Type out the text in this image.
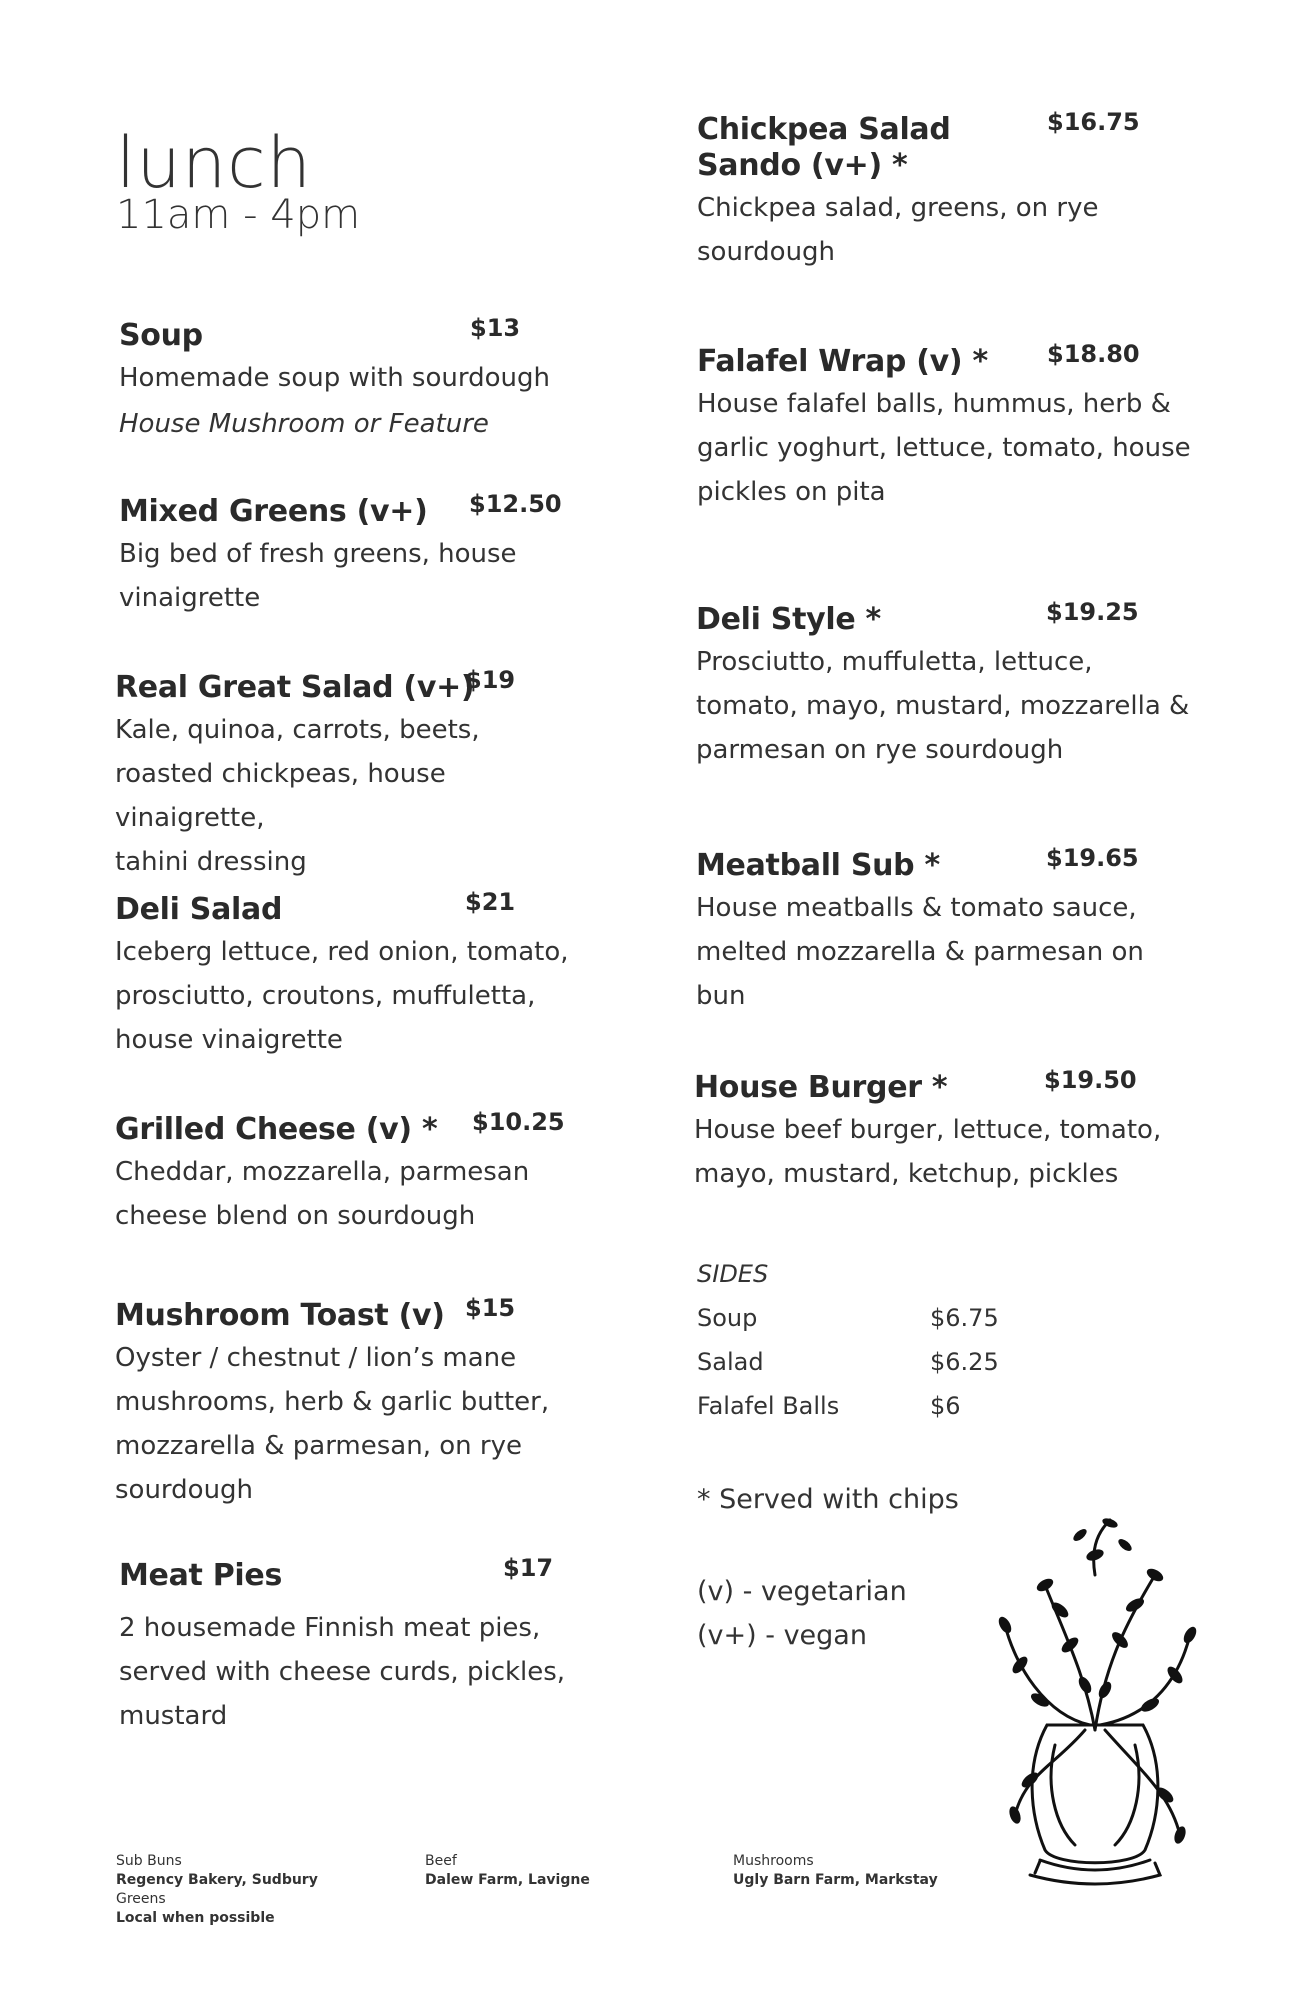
lunch
11am - 4pm
Soup	$13
Homemade soup with sourdough
House Mushroom or Feature
Mixed Greens (v+)	$12.50
Big bed of fresh greens, house
vinaigrette
Real Great Salad (v+)
$19
Kale, quinoa, carrots, beets,
roasted chickpeas, house vinaigrette,
tahini dressing
Deli Salad	$21
Iceberg lettuce, red onion, tomato,
prosciutto, croutons, muffuletta,
house vinaigrette
Grilled Cheese (v) *	$10.25
Cheddar, mozzarella, parmesan
cheese blend on sourdough
Mushroom Toast (v) $15
Oyster / chestnut / lion’s mane
mushrooms, herb & garlic butter,
mozzarella & parmesan, on rye
sourdough
Meat Pies	$17
2 housemade Finnish meat pies,
served with cheese curds, pickles,
mustard
Chickpea Salad
Sando (v+) *
$16.75
Chickpea salad, greens, on rye
sourdough
Falafel Wrap (v) *	$18.80
House falafel balls, hummus, herb &
garlic yoghurt, lettuce, tomato, house
pickles on pita
Deli Style *	$19.25
Prosciutto, muffuletta, lettuce,
tomato, mayo, mustard, mozzarella &
parmesan on rye sourdough
Meatball Sub *	$19.65
House meatballs & tomato sauce,
melted mozzarella & parmesan on
bun
House Burger *	$19.50
House beef burger, lettuce, tomato,
mayo, mustard, ketchup, pickles
SIDES
Soup	$6.75
Salad	$6.25
Falafel Balls	$6
* Served with chips
(v) - vegetarian
(v+) - vegan
Sub Buns
Regency Bakery, Sudbury
Greens
Local when possible
Beef
Dalew Farm, Lavigne
Mushrooms
Ugly Barn Farm, Markstay
